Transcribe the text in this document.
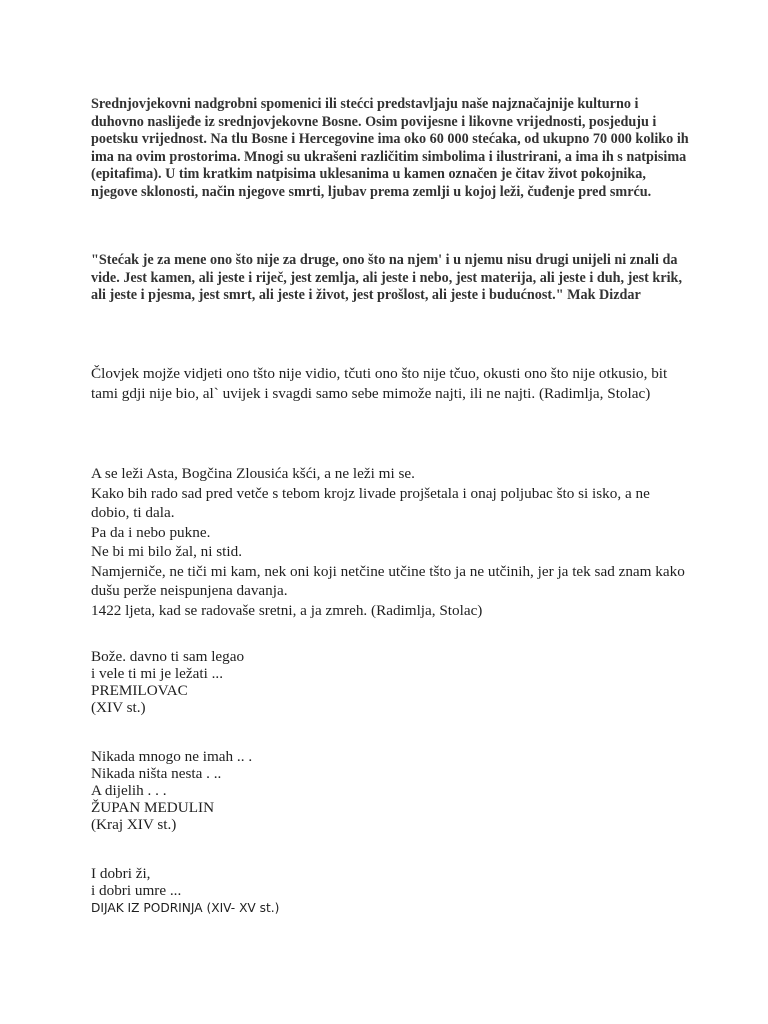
Srednjovjekovni nadgrobni spomenici ili stećci predstavljaju naše najznačajnije kulturno i duhovno naslijeđe iz srednjovjekovne Bosne. Osim povijesne i likovne vrijednosti, posjeduju i poetsku vrijednost. Na tlu Bosne i Hercegovine ima oko 60 000 stećaka, od ukupno 70 000 koliko ih ima na ovim prostorima. Mnogi su ukrašeni različitim simbolima i ilustrirani, a ima ih s natpisima (epitafima). U tim kratkim natpisima uklesanima u kamen označen je čitav život pokojnika, njegove sklonosti, način njegove smrti, ljubav prema zemlji u kojoj leži, čuđenje pred smrću.
"Stećak je za mene ono što nije za druge, ono što na njem' i u njemu nisu drugi unijeli ni znali da vide. Jest kamen, ali jeste i riječ, jest zemlja, ali jeste i nebo, jest materija, ali jeste i duh, jest krik, ali jeste i pjesma, jest smrt, ali jeste i život, jest prošlost, ali jeste i budućnost." Mak Dizdar
Človjek mojže vidjeti ono tšto nije vidio, tčuti ono što nije tčuo, okusti ono što nije otkusio, bit tami gdji nije bio, al` uvijek i svagdi samo sebe mimože najti, ili ne najti. (Radimlja, Stolac)
A se leži Asta, Bogčina Zlousića kšći, a ne leži mi se.
Kako bih rado sad pred vetče s tebom krojz livade projšetala i onaj poljubac što si isko, a ne dobio, ti dala.
Pa da i nebo pukne.
Ne bi mi bilo žal, ni stid.
Namjerniče, ne tiči mi kam, nek oni koji netčine utčine tšto ja ne utčinih, jer ja tek sad znam kako dušu perže neispunjena davanja.
1422 ljeta, kad se radovaše sretni, a ja zmreh. (Radimlja, Stolac)
Bože. davno ti sam legao
i vele ti mi je ležati ...
PREMILOVAC
(XIV st.)
Nikada mnogo ne imah .. .
Nikada ništa nesta . ..
A dijelih . . .
ŽUPAN MEDULIN
(Kraj XIV st.)
I dobri ži,
i dobri umre ...
DIJAK IZ PODRINJA (XIV- XV st.)
